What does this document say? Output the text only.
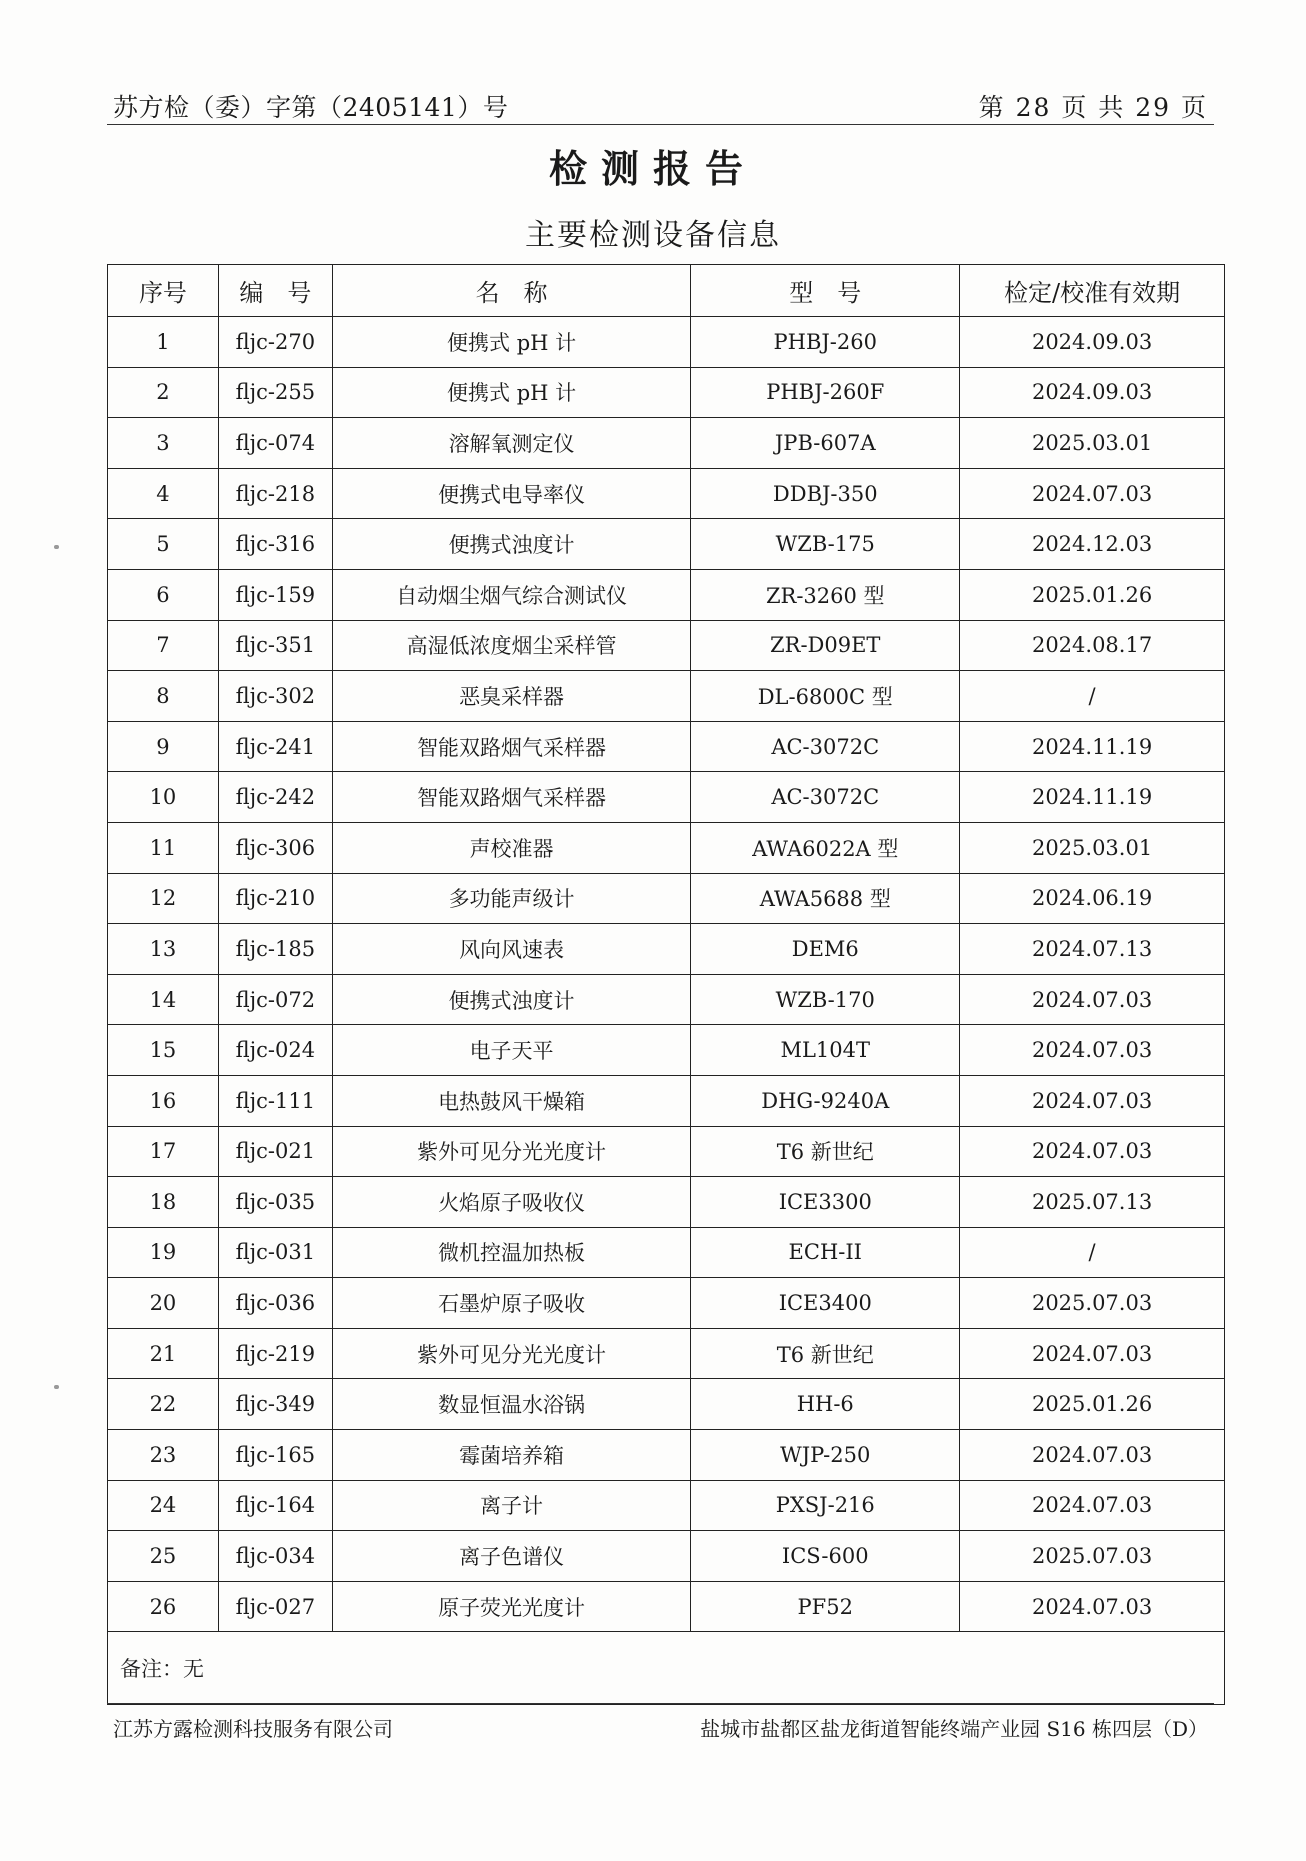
苏方检（委）字第（2405141）号	第 28 页 共 29 页
检测报告
主要检测设备信息
序号	编　号	名　称	型　号	检定/校准有效期
1	fljc-270	便携式 pH 计	PHBJ-260	2024.09.03
2	fljc-255	便携式 pH 计	PHBJ-260F	2024.09.03
3	fljc-074	溶解氧测定仪	JPB-607A	2025.03.01
4	fljc-218	便携式电导率仪	DDBJ-350	2024.07.03
5	fljc-316	便携式浊度计	WZB-175	2024.12.03
6	fljc-159	自动烟尘烟气综合测试仪	ZR-3260 型	2025.01.26
7	fljc-351	高湿低浓度烟尘采样管	ZR-D09ET	2024.08.17
8	fljc-302	恶臭采样器	DL-6800C 型	/
9	fljc-241	智能双路烟气采样器	AC-3072C	2024.11.19
10	fljc-242	智能双路烟气采样器	AC-3072C	2024.11.19
11	fljc-306	声校准器	AWA6022A 型	2025.03.01
12	fljc-210	多功能声级计	AWA5688 型	2024.06.19
13	fljc-185	风向风速表	DEM6	2024.07.13
14	fljc-072	便携式浊度计	WZB-170	2024.07.03
15	fljc-024	电子天平	ML104T	2024.07.03
16	fljc-111	电热鼓风干燥箱	DHG-9240A	2024.07.03
17	fljc-021	紫外可见分光光度计	T6 新世纪	2024.07.03
18	fljc-035	火焰原子吸收仪	ICE3300	2025.07.13
19	fljc-031	微机控温加热板	ECH-II	/
20	fljc-036	石墨炉原子吸收	ICE3400	2025.07.03
21	fljc-219	紫外可见分光光度计	T6 新世纪	2024.07.03
22	fljc-349	数显恒温水浴锅	HH-6	2025.01.26
23	fljc-165	霉菌培养箱	WJP-250	2024.07.03
24	fljc-164	离子计	PXSJ-216	2024.07.03
25	fljc-034	离子色谱仪	ICS-600	2025.07.03
26	fljc-027	原子荧光光度计	PF52	2024.07.03
备注：无				
江苏方露检测科技服务有限公司	盐城市盐都区盐龙街道智能终端产业园 S16 栋四层（D）
